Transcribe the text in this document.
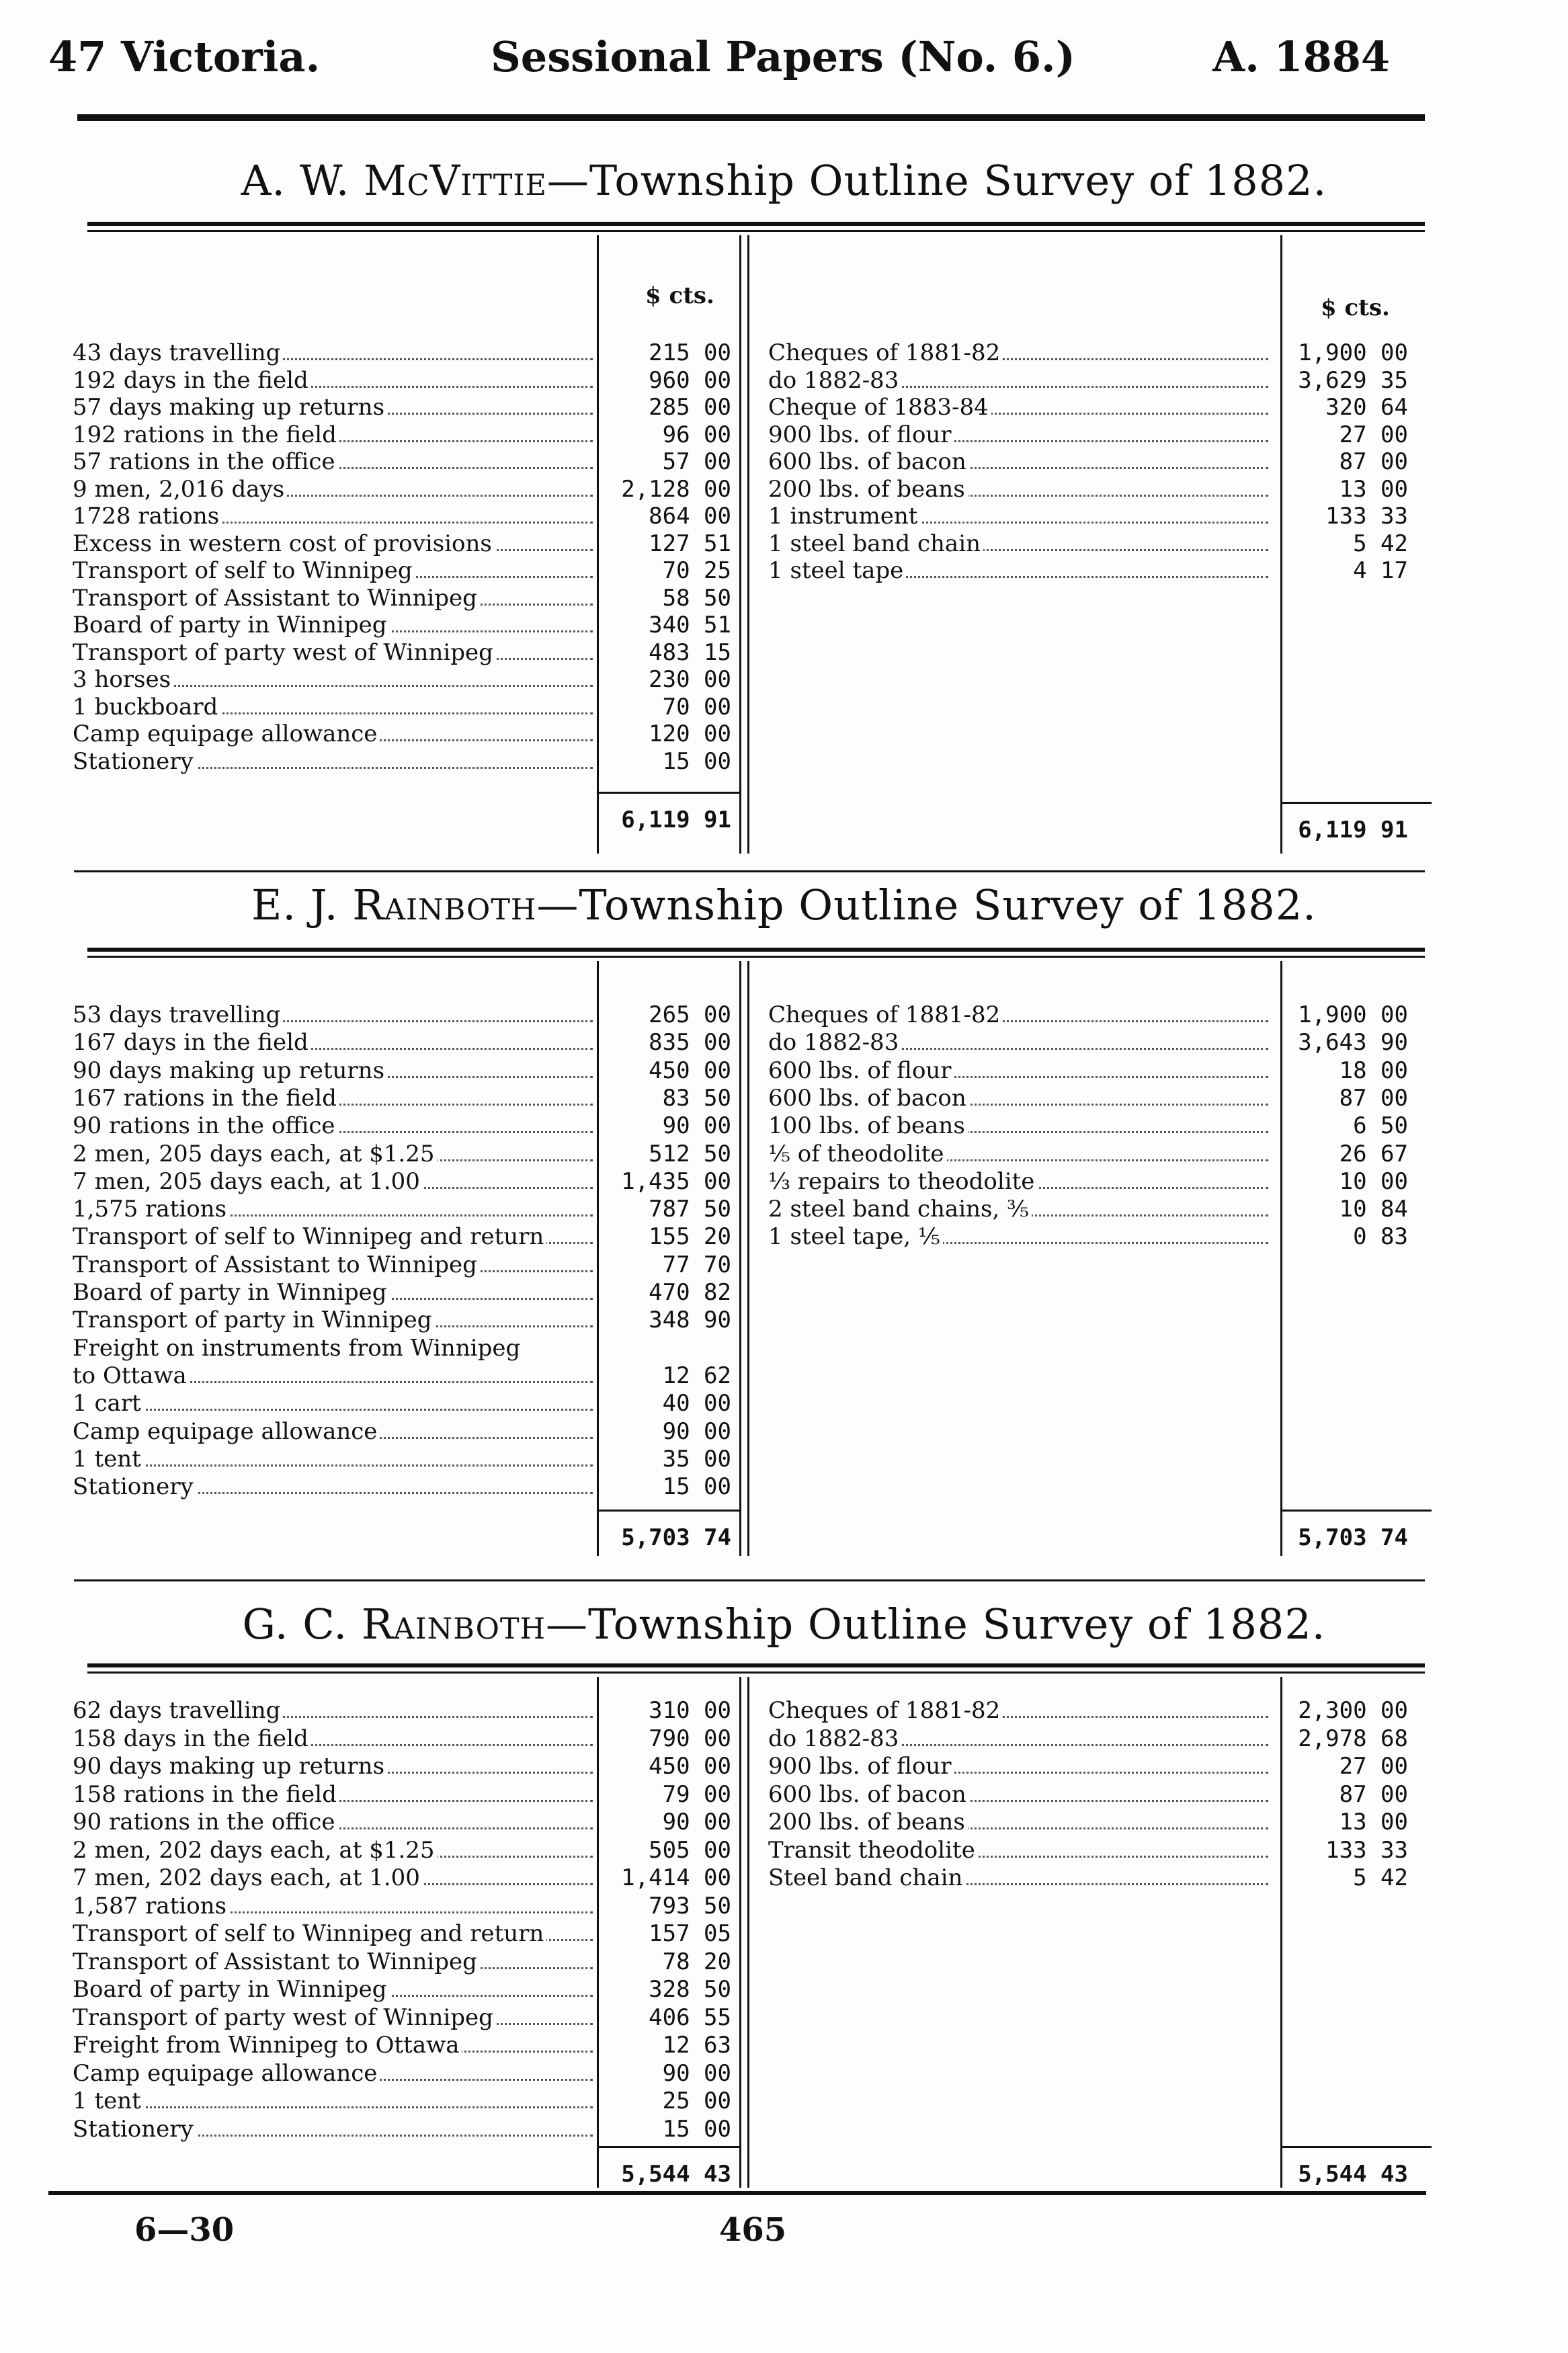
47 Victoria.	Sessional Papers (No. 6.)	A. 1884
A. W. McVittie—Township Outline Survey of 1882.
$ cts.	$ cts.
43 days travelling	215 00
192 days in the field	960 00
57 days making up returns	285 00
192 rations in the field	96 00
57 rations in the office	57 00
9 men, 2,016 days	2,128 00
1728 rations	864 00
Excess in western cost of provisions	127 51
Transport of self to Winnipeg	70 25
Transport of Assistant to Winnipeg	58 50
Board of party in Winnipeg	340 51
Transport of party west of Winnipeg	483 15
3 horses	230 00
1 buckboard	70 00
Camp equipage allowance	120 00
Stationery	15 00
Cheques of 1881-82	1,900 00
do 1882-83	3,629 35
Cheque of 1883-84	320 64
900 lbs. of flour	27 00
600 lbs. of bacon	87 00
200 lbs. of beans	13 00
1 instrument	133 33
1 steel band chain	5 42
1 steel tape	4 17
6,119 91	6,119 91
E. J. Rainboth—Township Outline Survey of 1882.
53 days travelling	265 00
167 days in the field	835 00
90 days making up returns	450 00
167 rations in the field	83 50
90 rations in the office	90 00
2 men, 205 days each, at $1.25	512 50
7 men, 205 days each, at 1.00	1,435 00
1,575 rations	787 50
Transport of self to Winnipeg and return	155 20
Transport of Assistant to Winnipeg	77 70
Board of party in Winnipeg	470 82
Transport of party in Winnipeg	348 90
Freight on instruments from Winnipeg
to Ottawa	12 62
1 cart	40 00
Camp equipage allowance	90 00
1 tent	35 00
Stationery	15 00
Cheques of 1881-82	1,900 00
do 1882-83	3,643 90
600 lbs. of flour	18 00
600 lbs. of bacon	87 00
100 lbs. of beans	6 50
⅕ of theodolite	26 67
⅓ repairs to theodolite	10 00
2 steel band chains, ⅗	10 84
1 steel tape, ⅕	0 83
5,703 74	5,703 74
G. C. Rainboth—Township Outline Survey of 1882.
62 days travelling	310 00
158 days in the field	790 00
90 days making up returns	450 00
158 rations in the field	79 00
90 rations in the office	90 00
2 men, 202 days each, at $1.25	505 00
7 men, 202 days each, at 1.00	1,414 00
1,587 rations	793 50
Transport of self to Winnipeg and return	157 05
Transport of Assistant to Winnipeg	78 20
Board of party in Winnipeg	328 50
Transport of party west of Winnipeg	406 55
Freight from Winnipeg to Ottawa	12 63
Camp equipage allowance	90 00
1 tent	25 00
Stationery	15 00
Cheques of 1881-82	2,300 00
do 1882-83	2,978 68
900 lbs. of flour	27 00
600 lbs. of bacon	87 00
200 lbs. of beans	13 00
Transit theodolite	133 33
Steel band chain	5 42
5,544 43	5,544 43
6—30	465
